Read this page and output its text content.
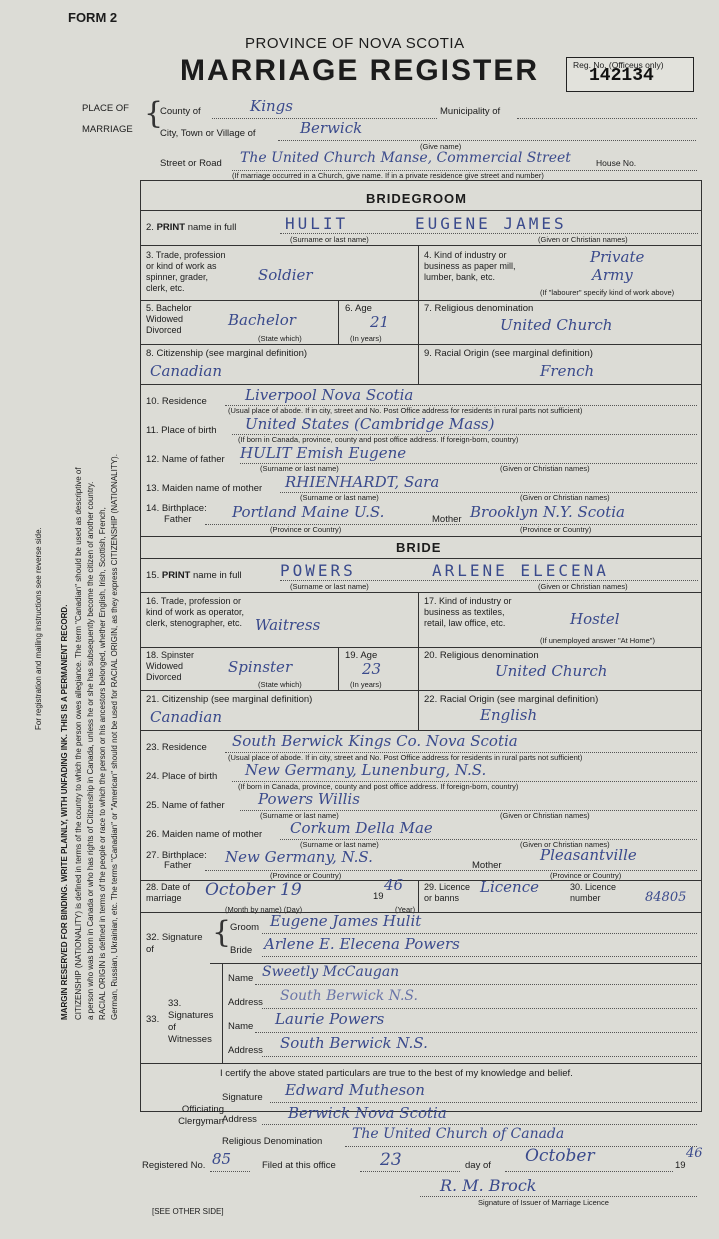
FORM 2
PROVINCE OF NOVA SCOTIA
MARRIAGE REGISTER	Reg. No. (Officeus only)
142134
MARGIN RESERVED FOR BINDING. WRITE PLAINLY, WITH UNFADING INK. THIS IS A PERMANENT RECORD.
For registration and mailing instructions see reverse side.	CITIZENSHIP (NATIONALITY) is defined in terms of the country to which the person owes allegiance. The term "Canadian" should be used as descriptive of a person who was born in Canada or who has rights of Citizenship in Canada, unless he or she has subsequently become the citizen of another country. RACIAL ORIGIN is defined in terms of the people or race to which the person or his ancestors belonged, whether English, Irish, Scottish, French, German, Russian, Ukrainian, etc. The terms "Canadian" or "American" should not be used for RACIAL ORIGIN, as they express CITIZENSHIP (NATIONALITY).
PLACE OF
MARRIAGE {
County of	Kings	Municipality of
City, Town or Village of	Berwick
(Give name)
Street or Road The United Church Manse, Commercial Street	House No.
(If marriage occurred in a Church, give name. If in a private residence give street and number)
BRIDEGROOM
2. PRINT name in full	HULIT	EUGENE JAMES
(Surname or last name)	(Given or Christian names)
3. Trade, profession or kind of work as spinner, grader, clerk, etc.
Soldier
4. Kind of industry or business as paper mill, lumber, bank, etc.
Private
Army
(If "labourer" specify kind of work above)
5. Bachelor Widowed Divorced
Bachelor
(State which)
6. Age
21
(In years)
7. Religious denomination
United Church
8. Citizenship (see marginal definition)
Canadian
9. Racial Origin (see marginal definition)
French
10. Residence	Liverpool Nova Scotia
(Usual place of abode. If in city, street and No. Post Office address for residents in rural parts not sufficient)
11. Place of birth United States (Cambridge Mass)
(If born in Canada, province, county and post office address. If foreign-born, country)
12. Name of father HULIT Emish Eugene
(Surname or last name)	(Given or Christian names)
13. Maiden name of mother RHIENHARDT, Sara
(Surname or last name)	(Given or Christian names)
14. Birthplace:
Father	Portland Maine U.S.	Mother Brooklyn N.Y. Scotia
(Province or Country)	(Province or Country)
BRIDE
15. PRINT name in full POWERS	ARLENE ELECENA
(Surname or last name)	(Given or Christian names)
16. Trade, profession or kind of work as operator, clerk, stenographer, etc. Waitress
17. Kind of industry or business as textiles, retail, law office, etc.	Hostel
(If unemployed answer "At Home")
18. Spinster Widowed Divorced
Spinster
(State which)
19. Age
23
(In years)
20. Religious denomination
United Church
21. Citizenship (see marginal definition)
Canadian
22. Racial Origin (see marginal definition)
English
23. Residence South Berwick Kings Co. Nova Scotia
(Usual place of abode. If in city, street and No. Post Office address for residents in rural parts not sufficient)
24. Place of birth New Germany, Lunenburg, N.S.
(If born in Canada, province, county and post office address. If foreign-born, country)
25. Name of father Powers Willis
(Surname or last name)	(Given or Christian names)
26. Maiden name of mother Corkum Della Mae
(Surname or last name)	(Given or Christian names)
27. Birthplace:
Father New Germany, N.S.	Mother
Pleasantville
(Province or Country)	(Province or Country)
28. Date of marriage	October 19	19
46
(Month by name) (Day)	(Year)
29. Licence or banns
Licence	30. Licence number	84805
32. Signature of	{
Groom Eugene James Hulit
Bride Arlene E. Elecena Powers
33.
33. Signatures of Witnesses
Name Sweetly McCaugan
Address South Berwick N.S.
Name Laurie Powers
Address South Berwick N.S.
I certify the above stated particulars are true to the best of my knowledge and belief.
Officiating Clergyman
Signature Edward Mutheson
Address Berwick Nova Scotia
Religious Denomination The United Church of Canada
Registered No. 85	Filed at this office	23	day of October	19
46
R. M. Brock
Signature of Issuer of Marriage Licence
[SEE OTHER SIDE]
